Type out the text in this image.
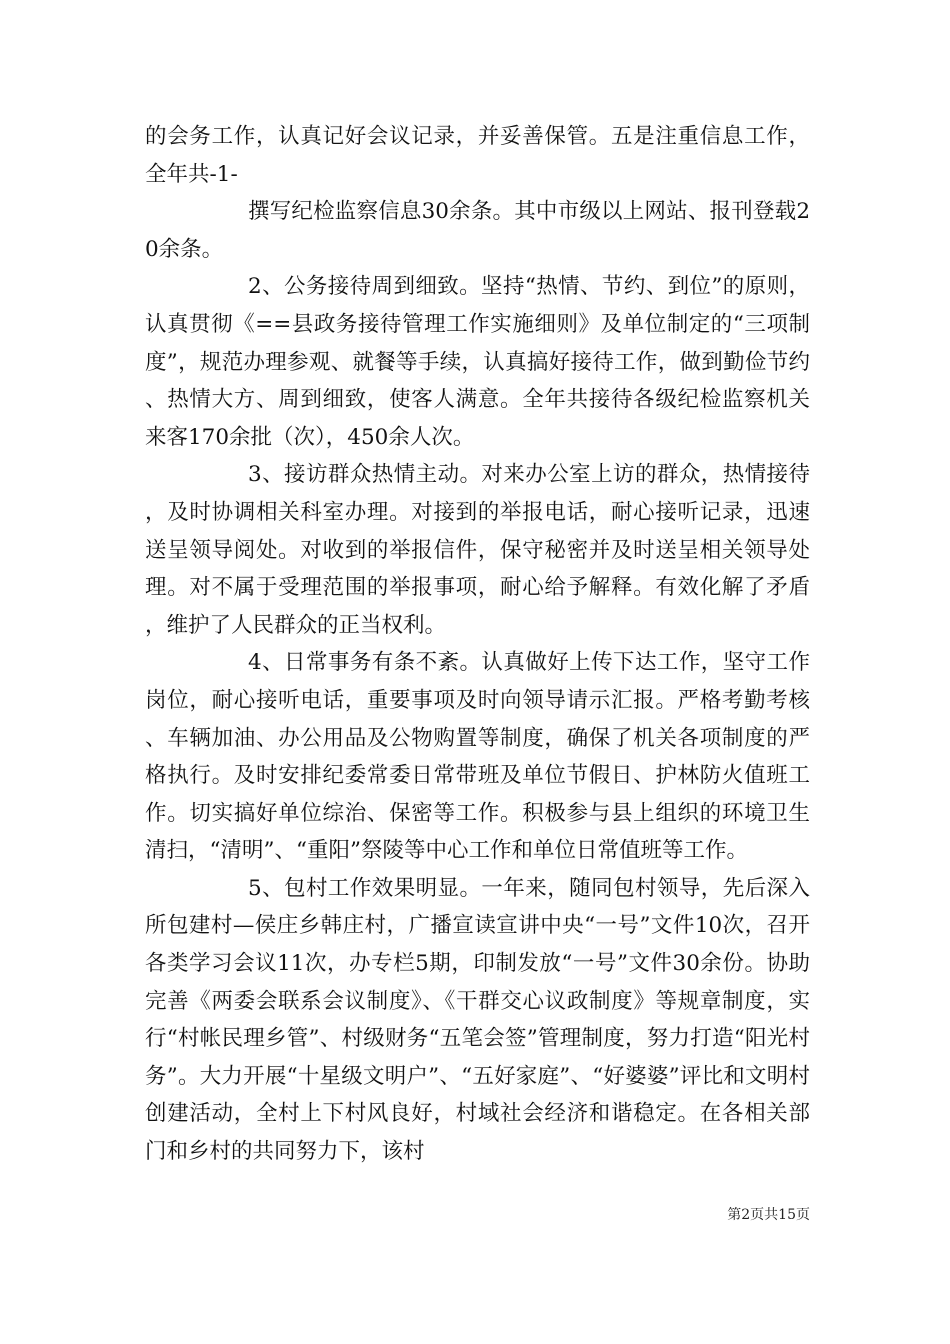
的会务工作，认真记好会议记录，并妥善保管。五是注重信息工作，全年共-1-

撰写纪检监察信息30余条。其中市级以上网站、报刊登载20余条。

2、公务接待周到细致。坚持“热情、节约、到位”的原则，认真贯彻《==县政务接待管理工作实施细则》及单位制定的“三项制度”，规范办理参观、就餐等手续，认真搞好接待工作，做到勤俭节约、热情大方、周到细致，使客人满意。全年共接待各级纪检监察机关来客170余批（次），450余人次。

3、接访群众热情主动。对来办公室上访的群众，热情接待，及时协调相关科室办理。对接到的举报电话，耐心接听记录，迅速送呈领导阅处。对收到的举报信件，保守秘密并及时送呈相关领导处理。对不属于受理范围的举报事项，耐心给予解释。有效化解了矛盾，维护了人民群众的正当权利。

4、日常事务有条不紊。认真做好上传下达工作，坚守工作岗位，耐心接听电话，重要事项及时向领导请示汇报。严格考勤考核、车辆加油、办公用品及公物购置等制度，确保了机关各项制度的严格执行。及时安排纪委常委日常带班及单位节假日、护林防火值班工作。切实搞好单位综治、保密等工作。积极参与县上组织的环境卫生清扫，“清明”、“重阳”祭陵等中心工作和单位日常值班等工作。

5、包村工作效果明显。一年来，随同包村领导，先后深入所包建村—侯庄乡韩庄村，广播宣读宣讲中央“一号”文件10次，召开各类学习会议11次，办专栏5期，印制发放“一号”文件30余份。协助完善《两委会联系会议制度》、《干群交心议政制度》等规章制度，实行“村帐民理乡管”、村级财务“五笔会签”管理制度，努力打造“阳光村务”。大力开展“十星级文明户”、“五好家庭”、“好婆婆”评比和文明村创建活动，全村上下村风良好，村域社会经济和谐稳定。在各相关部门和乡村的共同努力下，该村

第2页共15页
